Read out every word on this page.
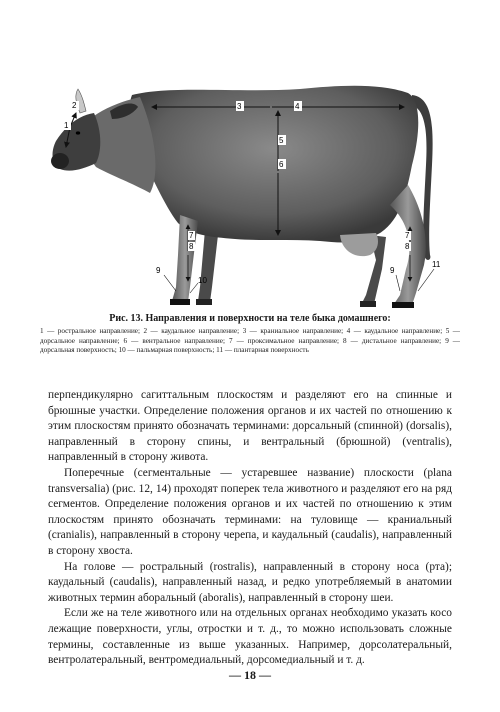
2
1
3	4
5
6
7
8
7
8
9
10
9
11
Рис. 13. Направления и поверхности на теле быка домашнего:
1 — ростральное направление; 2 — каудальное направление; 3 — краниальное направление; 4 — каудальное направление; 5 — дорсальное направление; 6 — вентральное направление; 7 — проксимальное направление; 8 — дистальное направление; 9 — дорсальная поверхность; 10 — пальмарная поверхность; 11 — плантарная поверхность

перпендикулярно сагиттальным плоскостям и разделяют его на спинные и брюшные участки. Определение положения органов и их частей по отношению к этим плоскостям принято обозначать терминами: дорсальный (спинной) (dorsalis), направленный в сторону спины, и вентральный (брюшной) (ventralis), направленный в сторону живота.

Поперечные (сегментальные — устаревшее название) плоскости (plana transversalia) (рис. 12, 14) проходят поперек тела животного и разделяют его на ряд сегментов. Определение положения органов и их частей по отношению к этим плоскостям принято обозначать терминами: на туловище — краниальный (cranialis), направленный в сторону черепа, и каудальный (caudalis), направленный в сторону хвоста.

На голове — ростральный (rostralis), направленный в сторону носа (рта); каудальный (caudalis), направленный назад, и редко употребляемый в анатомии животных термин аборальный (aboralis), направленный в сторону шеи.

Если же на теле животного или на отдельных органах необходимо указать косо лежащие поверхности, углы, отростки и т. д., то можно использовать сложные термины, составленные из выше указанных. Например, дорсолатеральный, вентролатеральный, вентромедиальный, дорсомедиальный и т. д.

— 18 —
